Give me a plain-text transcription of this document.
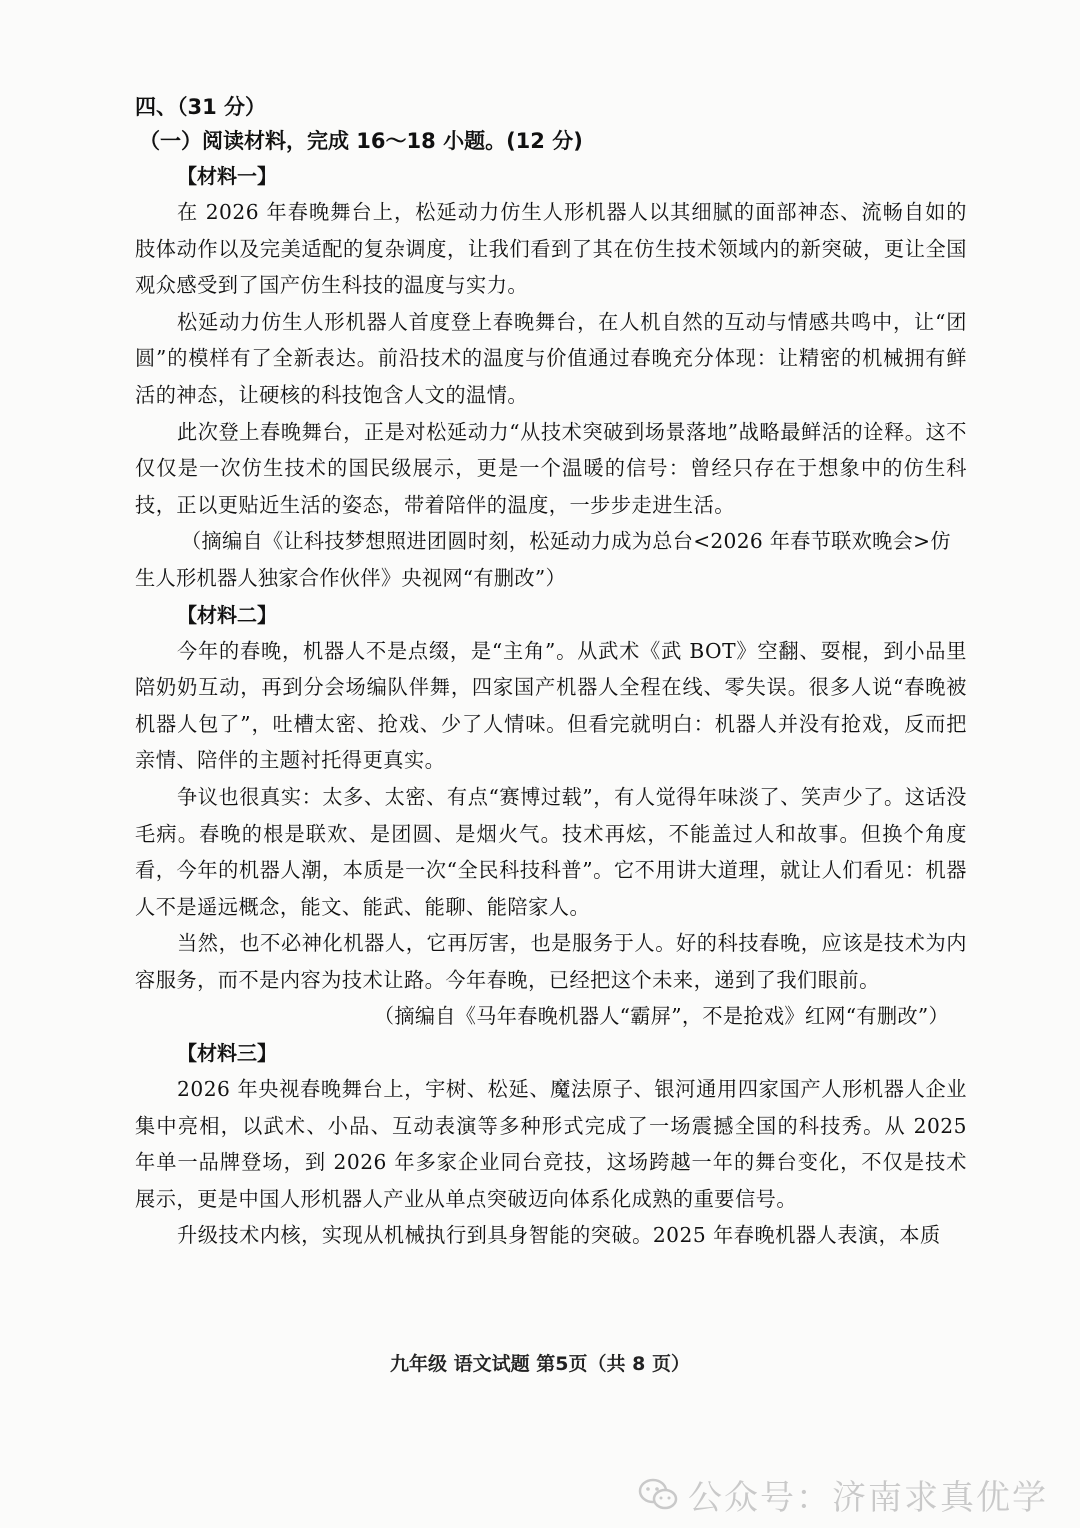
四、（31 分）
（一）阅读材料，完成 16～18 小题。(12 分)
【材料一】

在 2026 年春晚舞台上，松延动力仿生人形机器人以其细腻的面部神态、流畅自如的肢体动作以及完美适配的复杂调度，让我们看到了其在仿生技术领域内的新突破，更让全国观众感受到了国产仿生科技的温度与实力。

松延动力仿生人形机器人首度登上春晚舞台，在人机自然的互动与情感共鸣中，让“团圆”的模样有了全新表达。前沿技术的温度与价值通过春晚充分体现：让精密的机械拥有鲜活的神态，让硬核的科技饱含人文的温情。

此次登上春晚舞台，正是对松延动力“从技术突破到场景落地”战略最鲜活的诠释。这不仅仅是一次仿生技术的国民级展示，更是一个温暖的信号：曾经只存在于想象中的仿生科技，正以更贴近生活的姿态，带着陪伴的温度，一步步走进生活。

（摘编自《让科技梦想照进团圆时刻，松延动力成为总台<2026 年春节联欢晚会>仿生人形机器人独家合作伙伴》央视网“有删改”）

【材料二】

今年的春晚，机器人不是点缀，是“主角”。从武术《武 BOT》空翻、耍棍，到小品里陪奶奶互动，再到分会场编队伴舞，四家国产机器人全程在线、零失误。很多人说“春晚被机器人包了”，吐槽太密、抢戏、少了人情味。但看完就明白：机器人并没有抢戏，反而把亲情、陪伴的主题衬托得更真实。

争议也很真实：太多、太密、有点“赛博过载”，有人觉得年味淡了、笑声少了。这话没毛病。春晚的根是联欢、是团圆、是烟火气。技术再炫，不能盖过人和故事。但换个角度看，今年的机器人潮，本质是一次“全民科技科普”。它不用讲大道理，就让人们看见：机器人不是遥远概念，能文、能武、能聊、能陪家人。

当然，也不必神化机器人，它再厉害，也是服务于人。好的科技春晚，应该是技术为内容服务，而不是内容为技术让路。今年春晚，已经把这个未来，递到了我们眼前。

（摘编自《马年春晚机器人“霸屏”，不是抢戏》红网“有删改”）

【材料三】

2026 年央视春晚舞台上，宇树、松延、魔法原子、银河通用四家国产人形机器人企业集中亮相，以武术、小品、互动表演等多种形式完成了一场震撼全国的科技秀。从 2025 年单一品牌登场，到 2026 年多家企业同台竞技，这场跨越一年的舞台变化，不仅是技术展示，更是中国人形机器人产业从单点突破迈向体系化成熟的重要信号。

升级技术内核，实现从机械执行到具身智能的突破。2025 年春晚机器人表演，本质

九年级 语文试题 第5页（共 8 页）
公众号：济南求真优学
